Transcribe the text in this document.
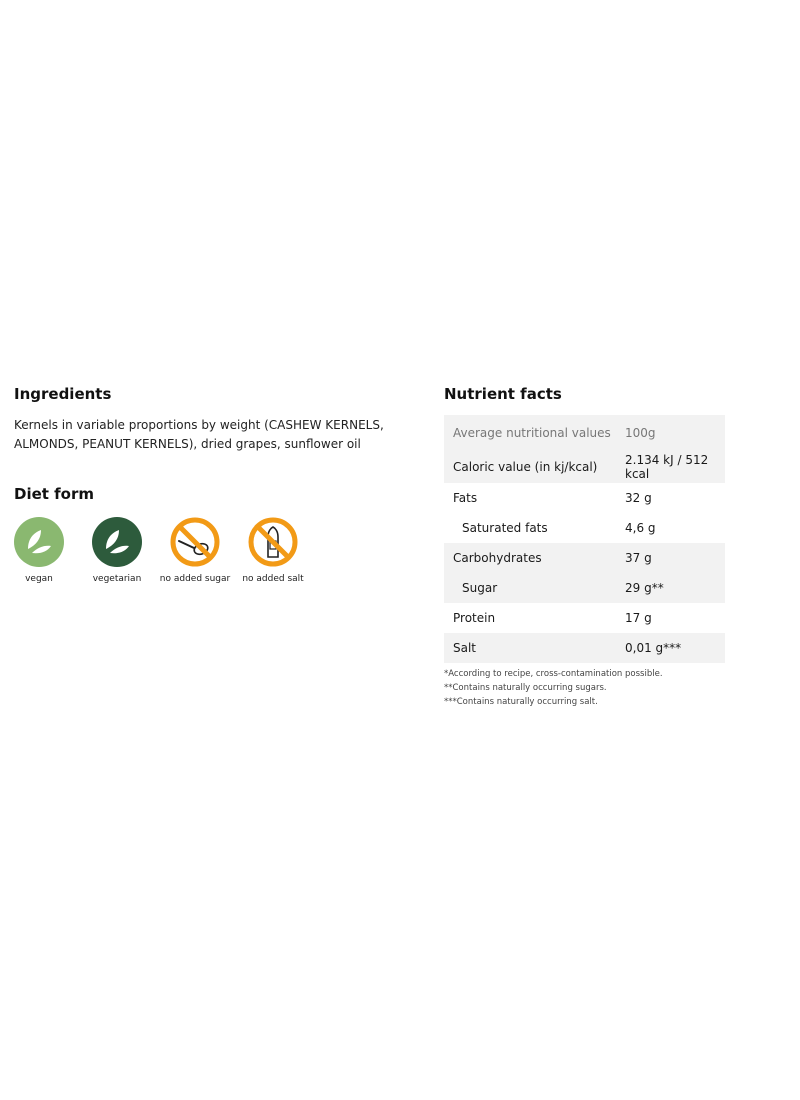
Ingredients
Kernels in variable proportions by weight (CASHEW KERNELS, ALMONDS, PEANUT KERNELS), dried grapes, sunflower oil
Diet form
vegan	vegetarian no added sugar no added salt
Nutrient facts
Average nutritional values	100g
Caloric value (in kj/kcal)	2.134 kJ / 512 kcal
Fats	32 g
Saturated fats	4,6 g
Carbohydrates	37 g
Sugar	29 g**
Protein	17 g
Salt	0,01 g***
*According to recipe, cross-contamination possible.
**Contains naturally occurring sugars.
***Contains naturally occurring salt.
